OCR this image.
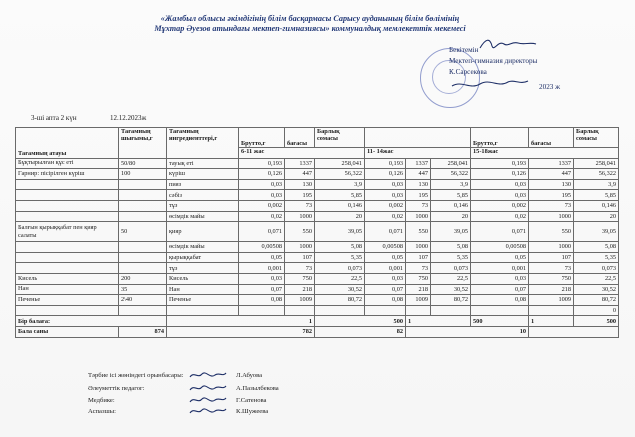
«Жамбыл облысы әкімдігінің білім басқармасы Сарысу ауданының білім бөлімінің
Мұхтар Әуезов атындағы мектеп-гимназиясы» коммуналдық мемлекеттік мекемесі
Бекітемін
Мектеп-гимназия директоры
К.Сарсекова
2023 ж
3-ші апта 2 күн	12.12.2023ж
Тағамның атауы	Тағамның шығымы,г	Тағамның ингредиенттері,г	Брутто,г	бағасы	Барлық сомасы				Брутто,г	бағасы	Барлық сомасы
			6-11 жас			11- 14жас			15-18жас		
Бұқтырылған құс еті	50/80	тауық еті	0,193	1337	258,041	0,193	1337	258,041	0,193	1337	258,041
Гарнир: пісірілген күріш	100	күріш	0,126	447	56,322	0,126	447	56,322	0,126	447	56,322
		пияз	0,03	130	3,9	0,03	130	3,9	0,03	130	3,9
		сәбіз	0,03	195	5,85	0,03	195	5,85	0,03	195	5,85
		тұз	0,002	73	0,146	0,002	73	0,146	0,002	73	0,146
		өсімдік майы	0,02	1000	20	0,02	1000	20	0,02	1000	20
Балғын қырыққабат пен қияр салаты	50	қияр	0,071	550	39,05	0,071	550	39,05	0,071	550	39,05
		өсімдік майы	0,00508	1000	5,08	0,00508	1000	5,08	0,00508	1000	5,08
		қырыққабат	0,05	107	5,35	0,05	107	5,35	0,05	107	5,35
		тұз	0,001	73	0,073	0,001	73	0,073	0,001	73	0,073
Кисель	200	Кисель	0,03	750	22,5	0,03	750	22,5	0,03	750	22,5
Нан	35	Нан	0,07	218	30,52	0,07	218	30,52	0,07	218	30,52
Печенье	2\40	Печенье	0,08	1009	80,72	0,08	1009	80,72	0,08	1009	80,72
											0
Бір балаға:		1			500		1		500	1	500
Бала саны	874	782			82		10				
Тәрбие ісі жөніндегі орынбасары:	Л.Абуова
Әлеуметтік педагог:	А.Пазылбекова
Медбике:	Г.Сатенова
Аспазшы:	К.Шужеева
